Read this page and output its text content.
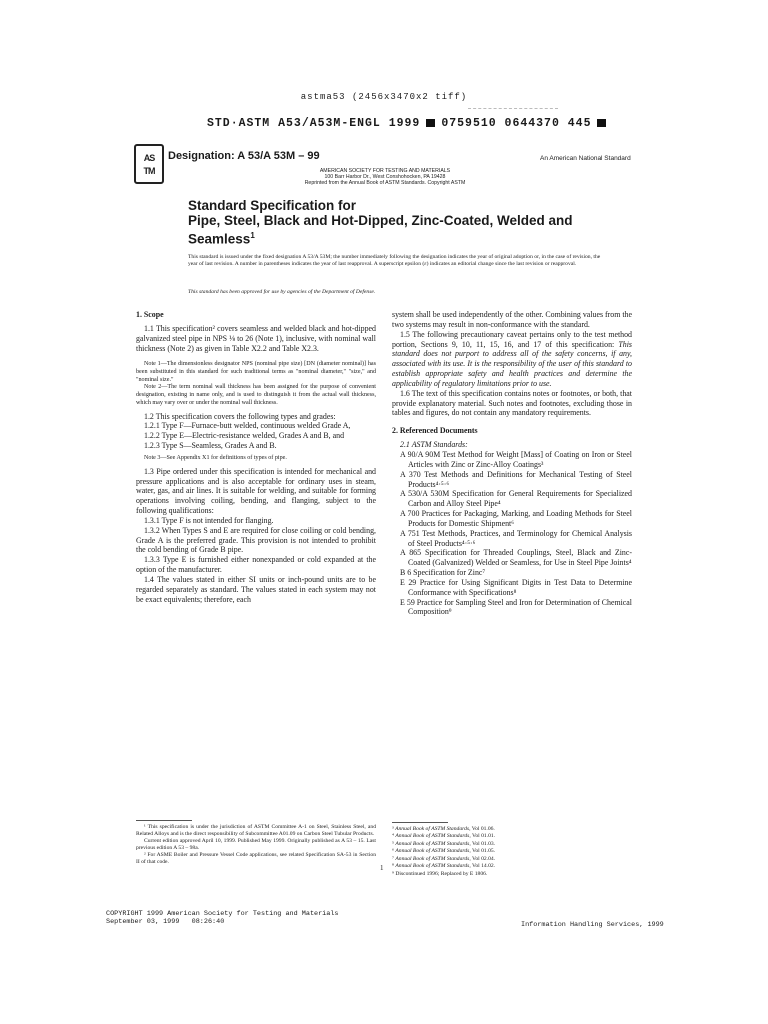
astma53 (2456x3470x2 tiff)
STD·ASTM A53/A53M-ENGL 1999 0759510 0644370 445
AS
TM
Designation: A 53/A 53M – 99	An American National Standard
AMERICAN SOCIETY FOR TESTING AND MATERIALS
100 Barr Harbor Dr., West Conshohocken, PA 19428
Reprinted from the Annual Book of ASTM Standards. Copyright ASTM
Standard Specification for
Pipe, Steel, Black and Hot-Dipped, Zinc-Coated, Welded and
Seamless$^1$
This standard is issued under the fixed designation A 53/A 53M; the number immediately following the designation indicates the year of original adoption or, in the case of revision, the year of last revision. A number in parentheses indicates the year of last reapproval. A superscript epsilon (ε) indicates an editorial change since the last revision or reapproval.
This standard has been approved for use by agencies of the Department of Defense.

1. Scope

1.1 This specification² covers seamless and welded black and hot-dipped galvanized steel pipe in NPS ⅛ to 26 (Note 1), inclusive, with nominal wall thickness (Note 2) as given in Table X2.2 and Table X2.3.

Note 1—The dimensionless designator NPS (nominal pipe size) [DN (diameter nominal)] has been substituted in this standard for such traditional terms as "nominal diameter," "size," and "nominal size."

Note 2—The term nominal wall thickness has been assigned for the purpose of convenient designation, existing in name only, and is used to distinguish it from the actual wall thickness, which may vary over or under the nominal wall thickness.

1.2 This specification covers the following types and grades:

1.2.1 Type F—Furnace-butt welded, continuous welded Grade A,

1.2.2 Type E—Electric-resistance welded, Grades A and B, and

1.2.3 Type S—Seamless, Grades A and B.

Note 3—See Appendix X1 for definitions of types of pipe.

1.3 Pipe ordered under this specification is intended for mechanical and pressure applications and is also acceptable for ordinary uses in steam, water, gas, and air lines. It is suitable for welding, and suitable for forming operations involving coiling, bending, and flanging, subject to the following qualifications:

1.3.1 Type F is not intended for flanging.

1.3.2 When Types S and E are required for close coiling or cold bending, Grade A is the preferred grade. This provision is not intended to prohibit the cold bending of Grade B pipe.

1.3.3 Type E is furnished either nonexpanded or cold expanded at the option of the manufacturer.

1.4 The values stated in either SI units or inch-pound units are to be regarded separately as standard. The values stated in each system may not be exact equivalents; therefore, each

system shall be used independently of the other. Combining values from the two systems may result in non-conformance with the standard.

1.5 The following precautionary caveat pertains only to the test method portion, Sections 9, 10, 11, 15, 16, and 17 of this specification: This standard does not purport to address all of the safety concerns, if any, associated with its use. It is the responsibility of the user of this standard to establish appropriate safety and health practices and determine the applicability of regulatory limitations prior to use.

1.6 The text of this specification contains notes or footnotes, or both, that provide explanatory material. Such notes and footnotes, excluding those in tables and figures, do not contain any mandatory requirements.

2. Referenced Documents

2.1 ASTM Standards:

A 90/A 90M Test Method for Weight [Mass] of Coating on Iron or Steel Articles with Zinc or Zinc-Alloy Coatings³

A 370 Test Methods and Definitions for Mechanical Testing of Steel Products⁴·⁵·⁶

A 530/A 530M Specification for General Requirements for Specialized Carbon and Alloy Steel Pipe⁴

A 700 Practices for Packaging, Marking, and Loading Methods for Steel Products for Domestic Shipment⁶

A 751 Test Methods, Practices, and Terminology for Chemical Analysis of Steel Products⁴·⁵·⁶

A 865 Specification for Threaded Couplings, Steel, Black and Zinc-Coated (Galvanized) Welded or Seamless, for Use in Steel Pipe Joints⁴

B 6 Specification for Zinc⁷

E 29 Practice for Using Significant Digits in Test Data to Determine Conformance with Specifications⁸

E 59 Practice for Sampling Steel and Iron for Determination of Chemical Composition⁹

¹ This specification is under the jurisdiction of ASTM Committee A-1 on Steel, Stainless Steel, and Related Alloys and is the direct responsibility of Subcommittee A01.09 on Carbon Steel Tubular Products.

Current edition approved April 10, 1999. Published May 1999. Originally published as A 53 – 15. Last previous edition A 53 – 98a.

² For ASME Boiler and Pressure Vessel Code applications, see related Specification SA-53 in Section II of that code.

³ Annual Book of ASTM Standards, Vol 01.06.

⁴ Annual Book of ASTM Standards, Vol 01.01.

⁵ Annual Book of ASTM Standards, Vol 01.03.

⁶ Annual Book of ASTM Standards, Vol 01.05.

⁷ Annual Book of ASTM Standards, Vol 02.04.

⁸ Annual Book of ASTM Standards, Vol 14.02.

⁹ Discontinued 1996; Replaced by E 1806.

1
COPYRIGHT 1999 American Society for Testing and Materials
September 03, 1999   08:26:40	Information Handling Services, 1999
